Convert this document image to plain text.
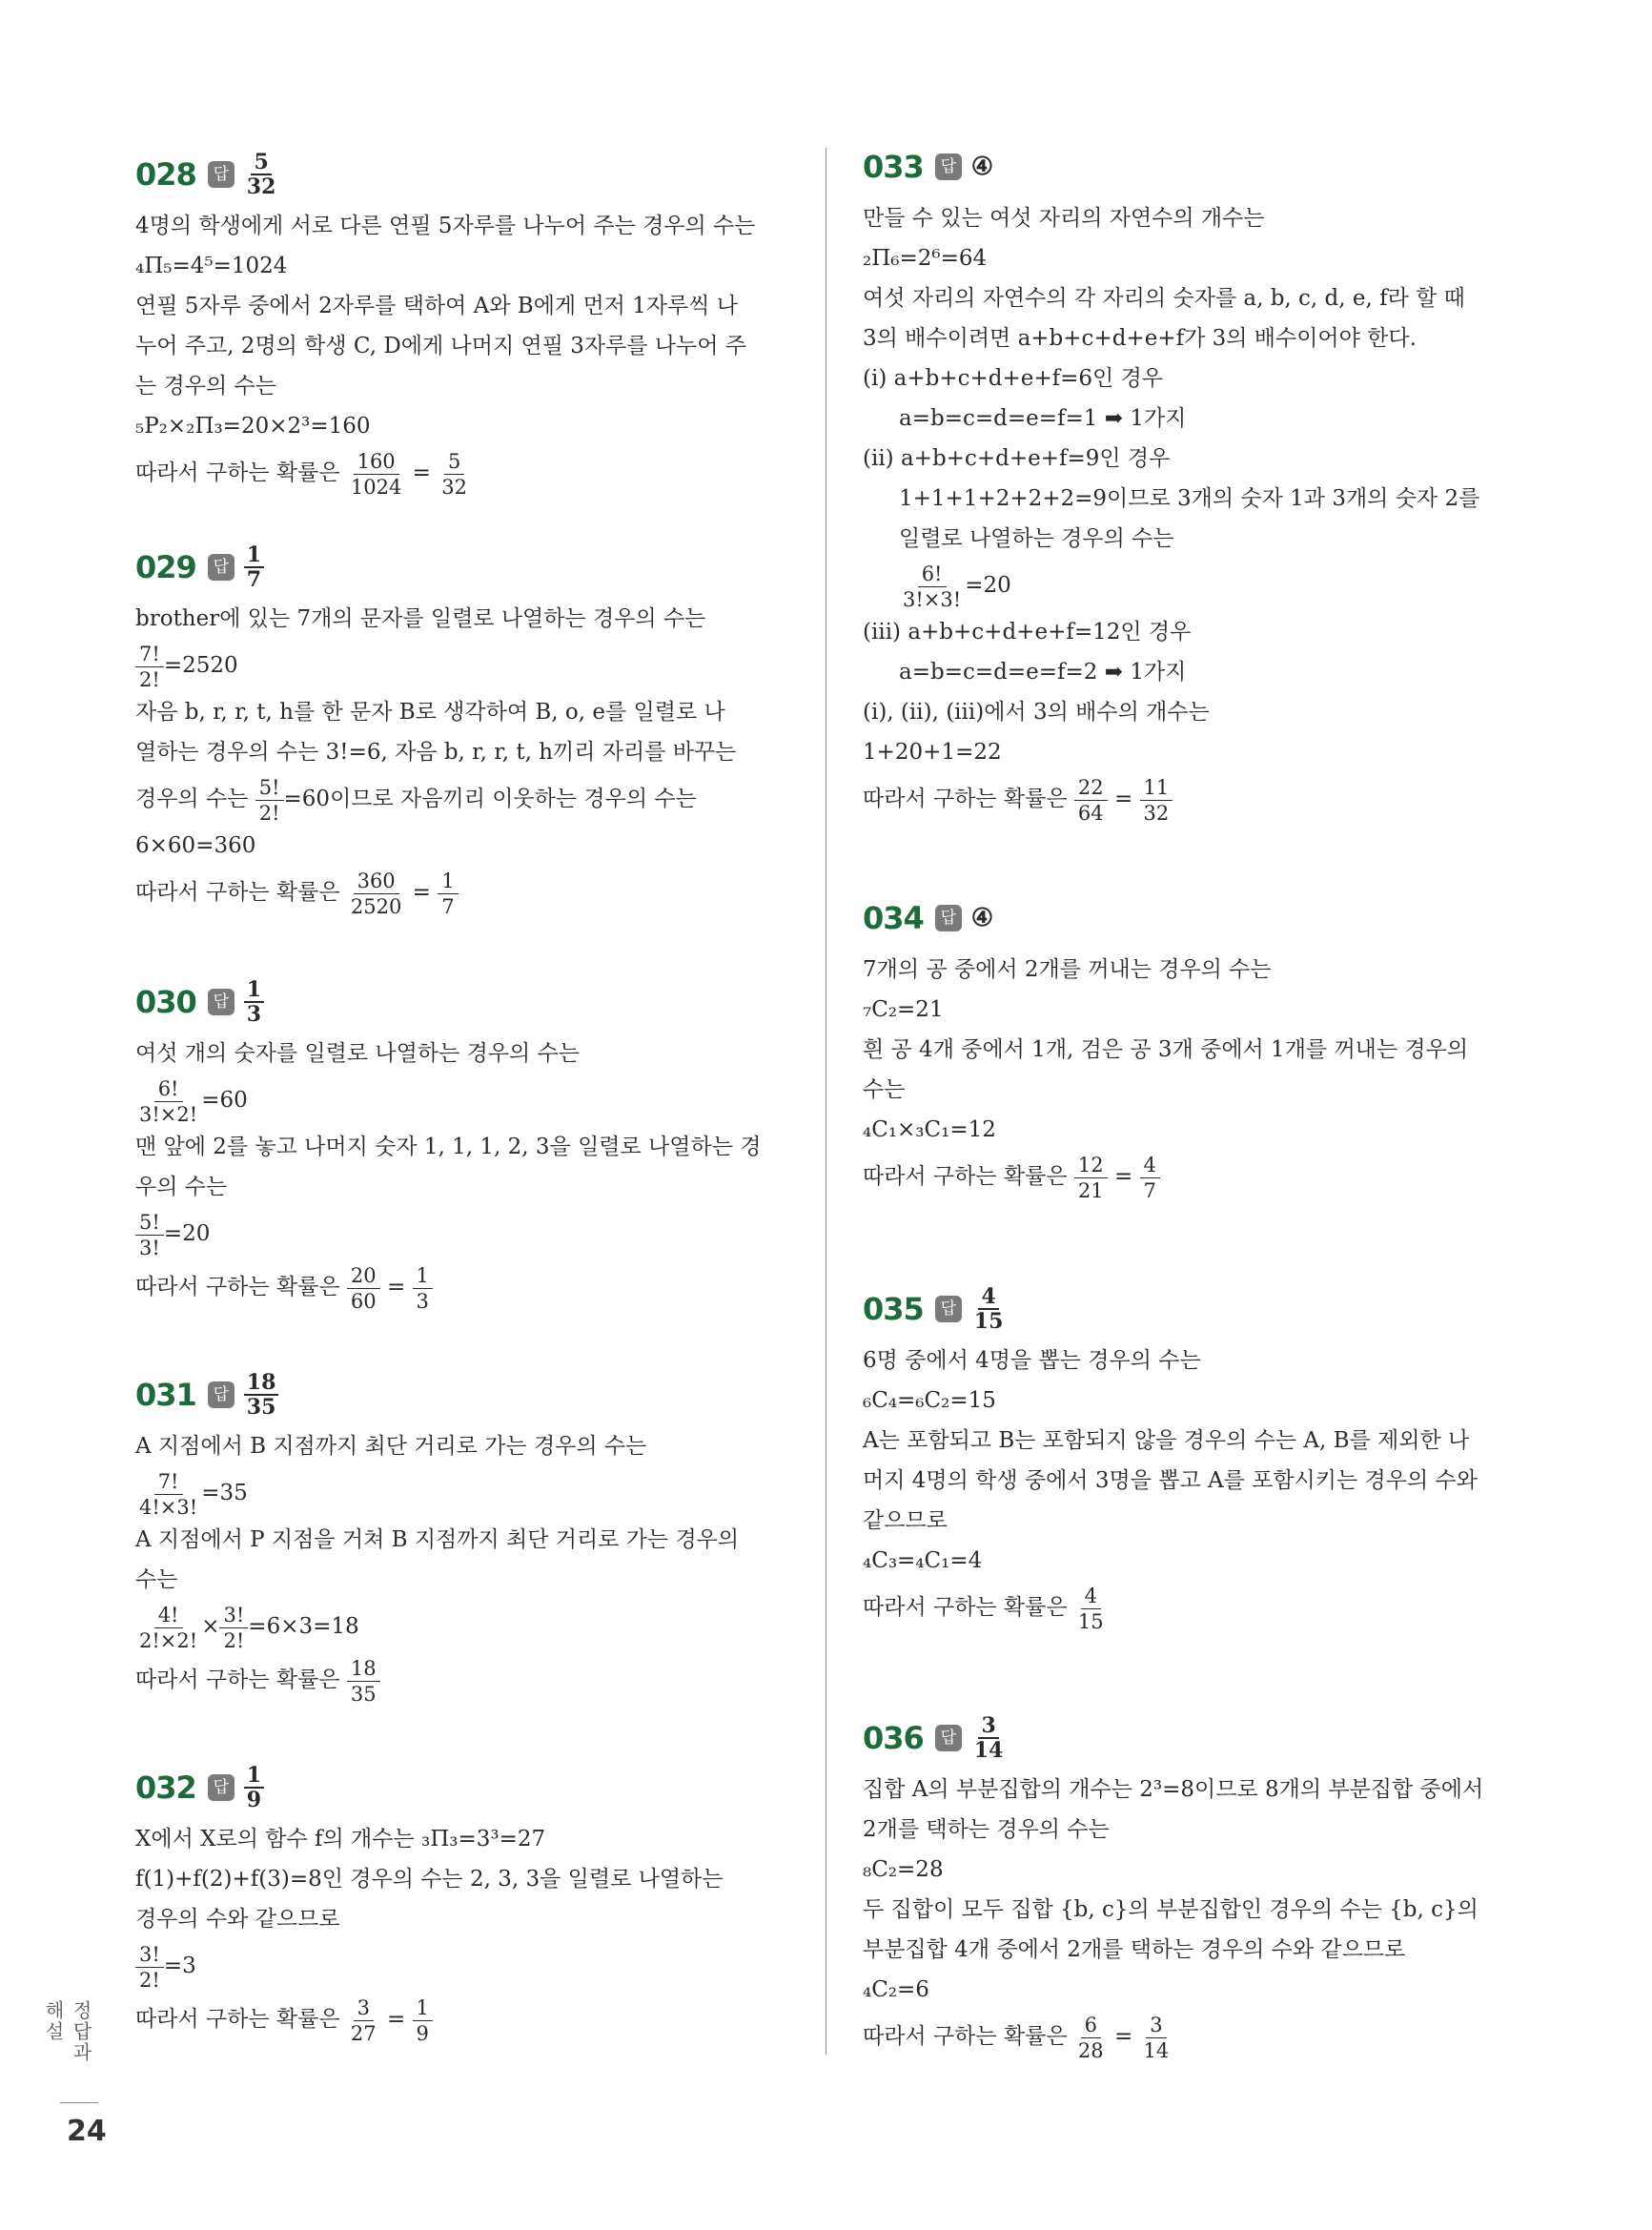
028	답 $\frac{5}{32}$
4명의 학생에게 서로 다른 연필 5자루를 나누어 주는 경우의 수는
₄Π₅=4⁵=1024
연필 5자루 중에서 2자루를 택하여 A와 B에게 먼저 1자루씩 나
누어 주고, 2명의 학생 C, D에게 나머지 연필 3자루를 나누어 주
는 경우의 수는
₅P₂×₂Π₃=20×2³=160
따라서 구하는 확률은 $\frac{160}{1024} = \frac{5}{32}$
029	답 $\frac{1}{7}$
brother에 있는 7개의 문자를 일렬로 나열하는 경우의 수는
$\frac{7!}{2!} =2520$
자음 b, r, r, t, h를 한 문자 B로 생각하여 B, o, e를 일렬로 나
열하는 경우의 수는 3!=6, 자음 b, r, r, t, h끼리 자리를 바꾸는
경우의 수는 $\frac{5!}{2!} =60$이므로 자음끼리 이웃하는 경우의 수는
6×60=360
따라서 구하는 확률은 $\frac{360}{2520} = \frac{1}{7}$
030	답 $\frac{1}{3}$
여섯 개의 숫자를 일렬로 나열하는 경우의 수는
$\frac{6!}{3!\times 2!} =60$
맨 앞에 2를 놓고 나머지 숫자 1, 1, 1, 2, 3을 일렬로 나열하는 경
우의 수는
$\frac{5!}{3!} =20$
따라서 구하는 확률은 $\frac{20}{60} = \frac{1}{3}$
031	답 $\frac{18}{35}$
A 지점에서 B 지점까지 최단 거리로 가는 경우의 수는
$\frac{7!}{4!\times 3!} =35$
A 지점에서 P 지점을 거쳐 B 지점까지 최단 거리로 가는 경우의
수는
$\frac{4!}{2!\times 2!} \times \frac{3!}{2!} =6\times 3=18$
따라서 구하는 확률은 $\frac{18}{35}$
032	답 $\frac{1}{9}$
X에서 X로의 함수 f의 개수는 ₃Π₃=3³=27
f(1)+f(2)+f(3)=8인 경우의 수는 2, 3, 3을 일렬로 나열하는
경우의 수와 같으므로
$\frac{3!}{2!} =3$
따라서 구하는 확률은 $\frac{3}{27} = \frac{1}{9}$
033	답 ④
만들 수 있는 여섯 자리의 자연수의 개수는
₂Π₆=2⁶=64
여섯 자리의 자연수의 각 자리의 숫자를 a, b, c, d, e, f라 할 때
3의 배수이려면 a+b+c+d+e+f가 3의 배수이어야 한다.
(ⅰ) a+b+c+d+e+f=6인 경우
a=b=c=d=e=f=1 ➡ 1가지
(ⅱ) a+b+c+d+e+f=9인 경우
1+1+1+2+2+2=9이므로 3개의 숫자 1과 3개의 숫자 2를
일렬로 나열하는 경우의 수는
$\frac{6!}{3!\times 3!} =20$
(ⅲ) a+b+c+d+e+f=12인 경우
a=b=c=d=e=f=2 ➡ 1가지
(ⅰ), (ⅱ), (ⅲ)에서 3의 배수의 개수는
1+20+1=22
따라서 구하는 확률은 $\frac{22}{64} = \frac{11}{32}$
034	답 ④
7개의 공 중에서 2개를 꺼내는 경우의 수는
₇C₂=21
흰 공 4개 중에서 1개, 검은 공 3개 중에서 1개를 꺼내는 경우의
수는
₄C₁×₃C₁=12
따라서 구하는 확률은 $\frac{12}{21} = \frac{4}{7}$
035	답 $\frac{4}{15}$
6명 중에서 4명을 뽑는 경우의 수는
₆C₄=₆C₂=15
A는 포함되고 B는 포함되지 않을 경우의 수는 A, B를 제외한 나
머지 4명의 학생 중에서 3명을 뽑고 A를 포함시키는 경우의 수와
같으므로
₄C₃=₄C₁=4
따라서 구하는 확률은 $\frac{4}{15}$
036	답 $\frac{3}{14}$
집합 A의 부분집합의 개수는 2³=8이므로 8개의 부분집합 중에서
2개를 택하는 경우의 수는
₈C₂=28
두 집합이 모두 집합 {b, c}의 부분집합인 경우의 수는 {b, c}의
부분집합 4개 중에서 2개를 택하는 경우의 수와 같으므로
₄C₂=6
따라서 구하는 확률은 $\frac{6}{28} = \frac{3}{14}$
정답과 해설
24
